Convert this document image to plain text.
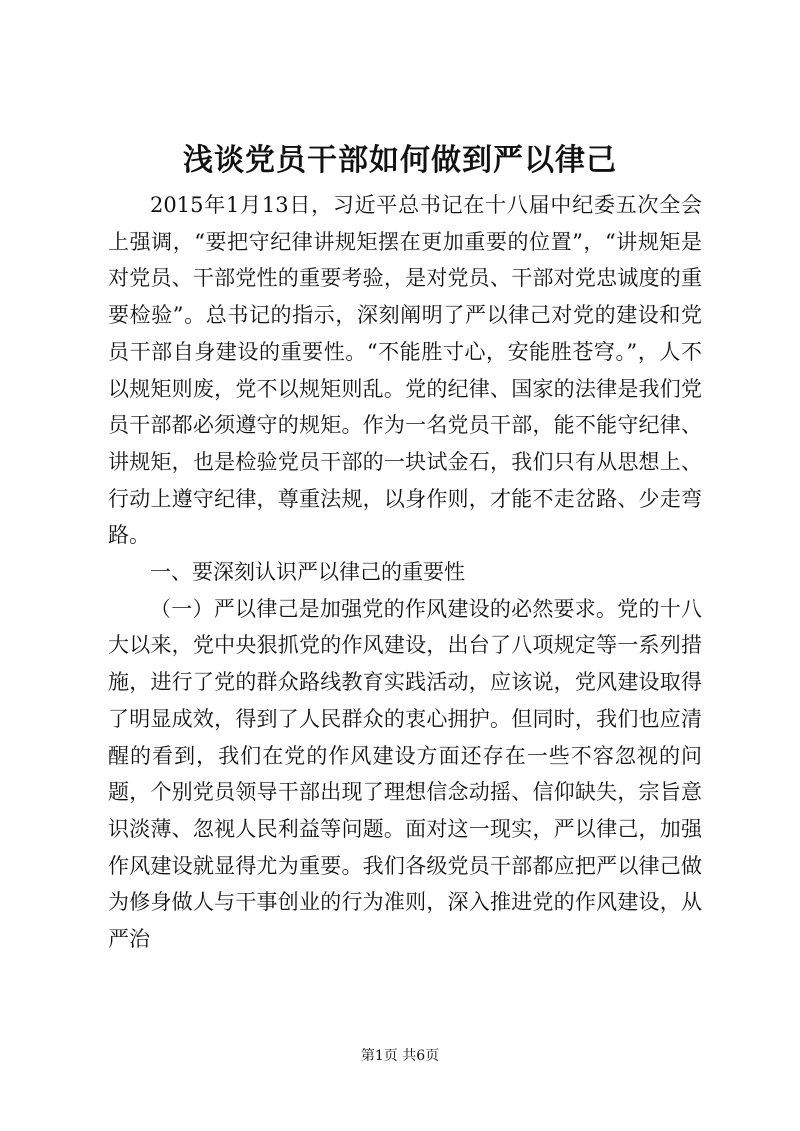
浅谈党员干部如何做到严以律己

2015年1月13日，习近平总书记在十八届中纪委五次全会上强调，“要把守纪律讲规矩摆在更加重要的位置”，“讲规矩是对党员、干部党性的重要考验，是对党员、干部对党忠诚度的重要检验”。总书记的指示，深刻阐明了严以律己对党的建设和党员干部自身建设的重要性。“不能胜寸心，安能胜苍穹。”，人不以规矩则废，党不以规矩则乱。党的纪律、国家的法律是我们党员干部都必须遵守的规矩。作为一名党员干部，能不能守纪律、讲规矩，也是检验党员干部的一块试金石，我们只有从思想上、行动上遵守纪律，尊重法规，以身作则，才能不走岔路、少走弯路。

一、要深刻认识严以律己的重要性

（一）严以律己是加强党的作风建设的必然要求。党的十八大以来，党中央狠抓党的作风建设，出台了八项规定等一系列措施，进行了党的群众路线教育实践活动，应该说，党风建设取得了明显成效，得到了人民群众的衷心拥护。但同时，我们也应清醒的看到，我们在党的作风建设方面还存在一些不容忽视的问题，个别党员领导干部出现了理想信念动摇、信仰缺失，宗旨意识淡薄、忽视人民利益等问题。面对这一现实，严以律己，加强作风建设就显得尤为重要。我们各级党员干部都应把严以律己做为修身做人与干事创业的行为准则，深入推进党的作风建设，从严治

第1页 共6页
